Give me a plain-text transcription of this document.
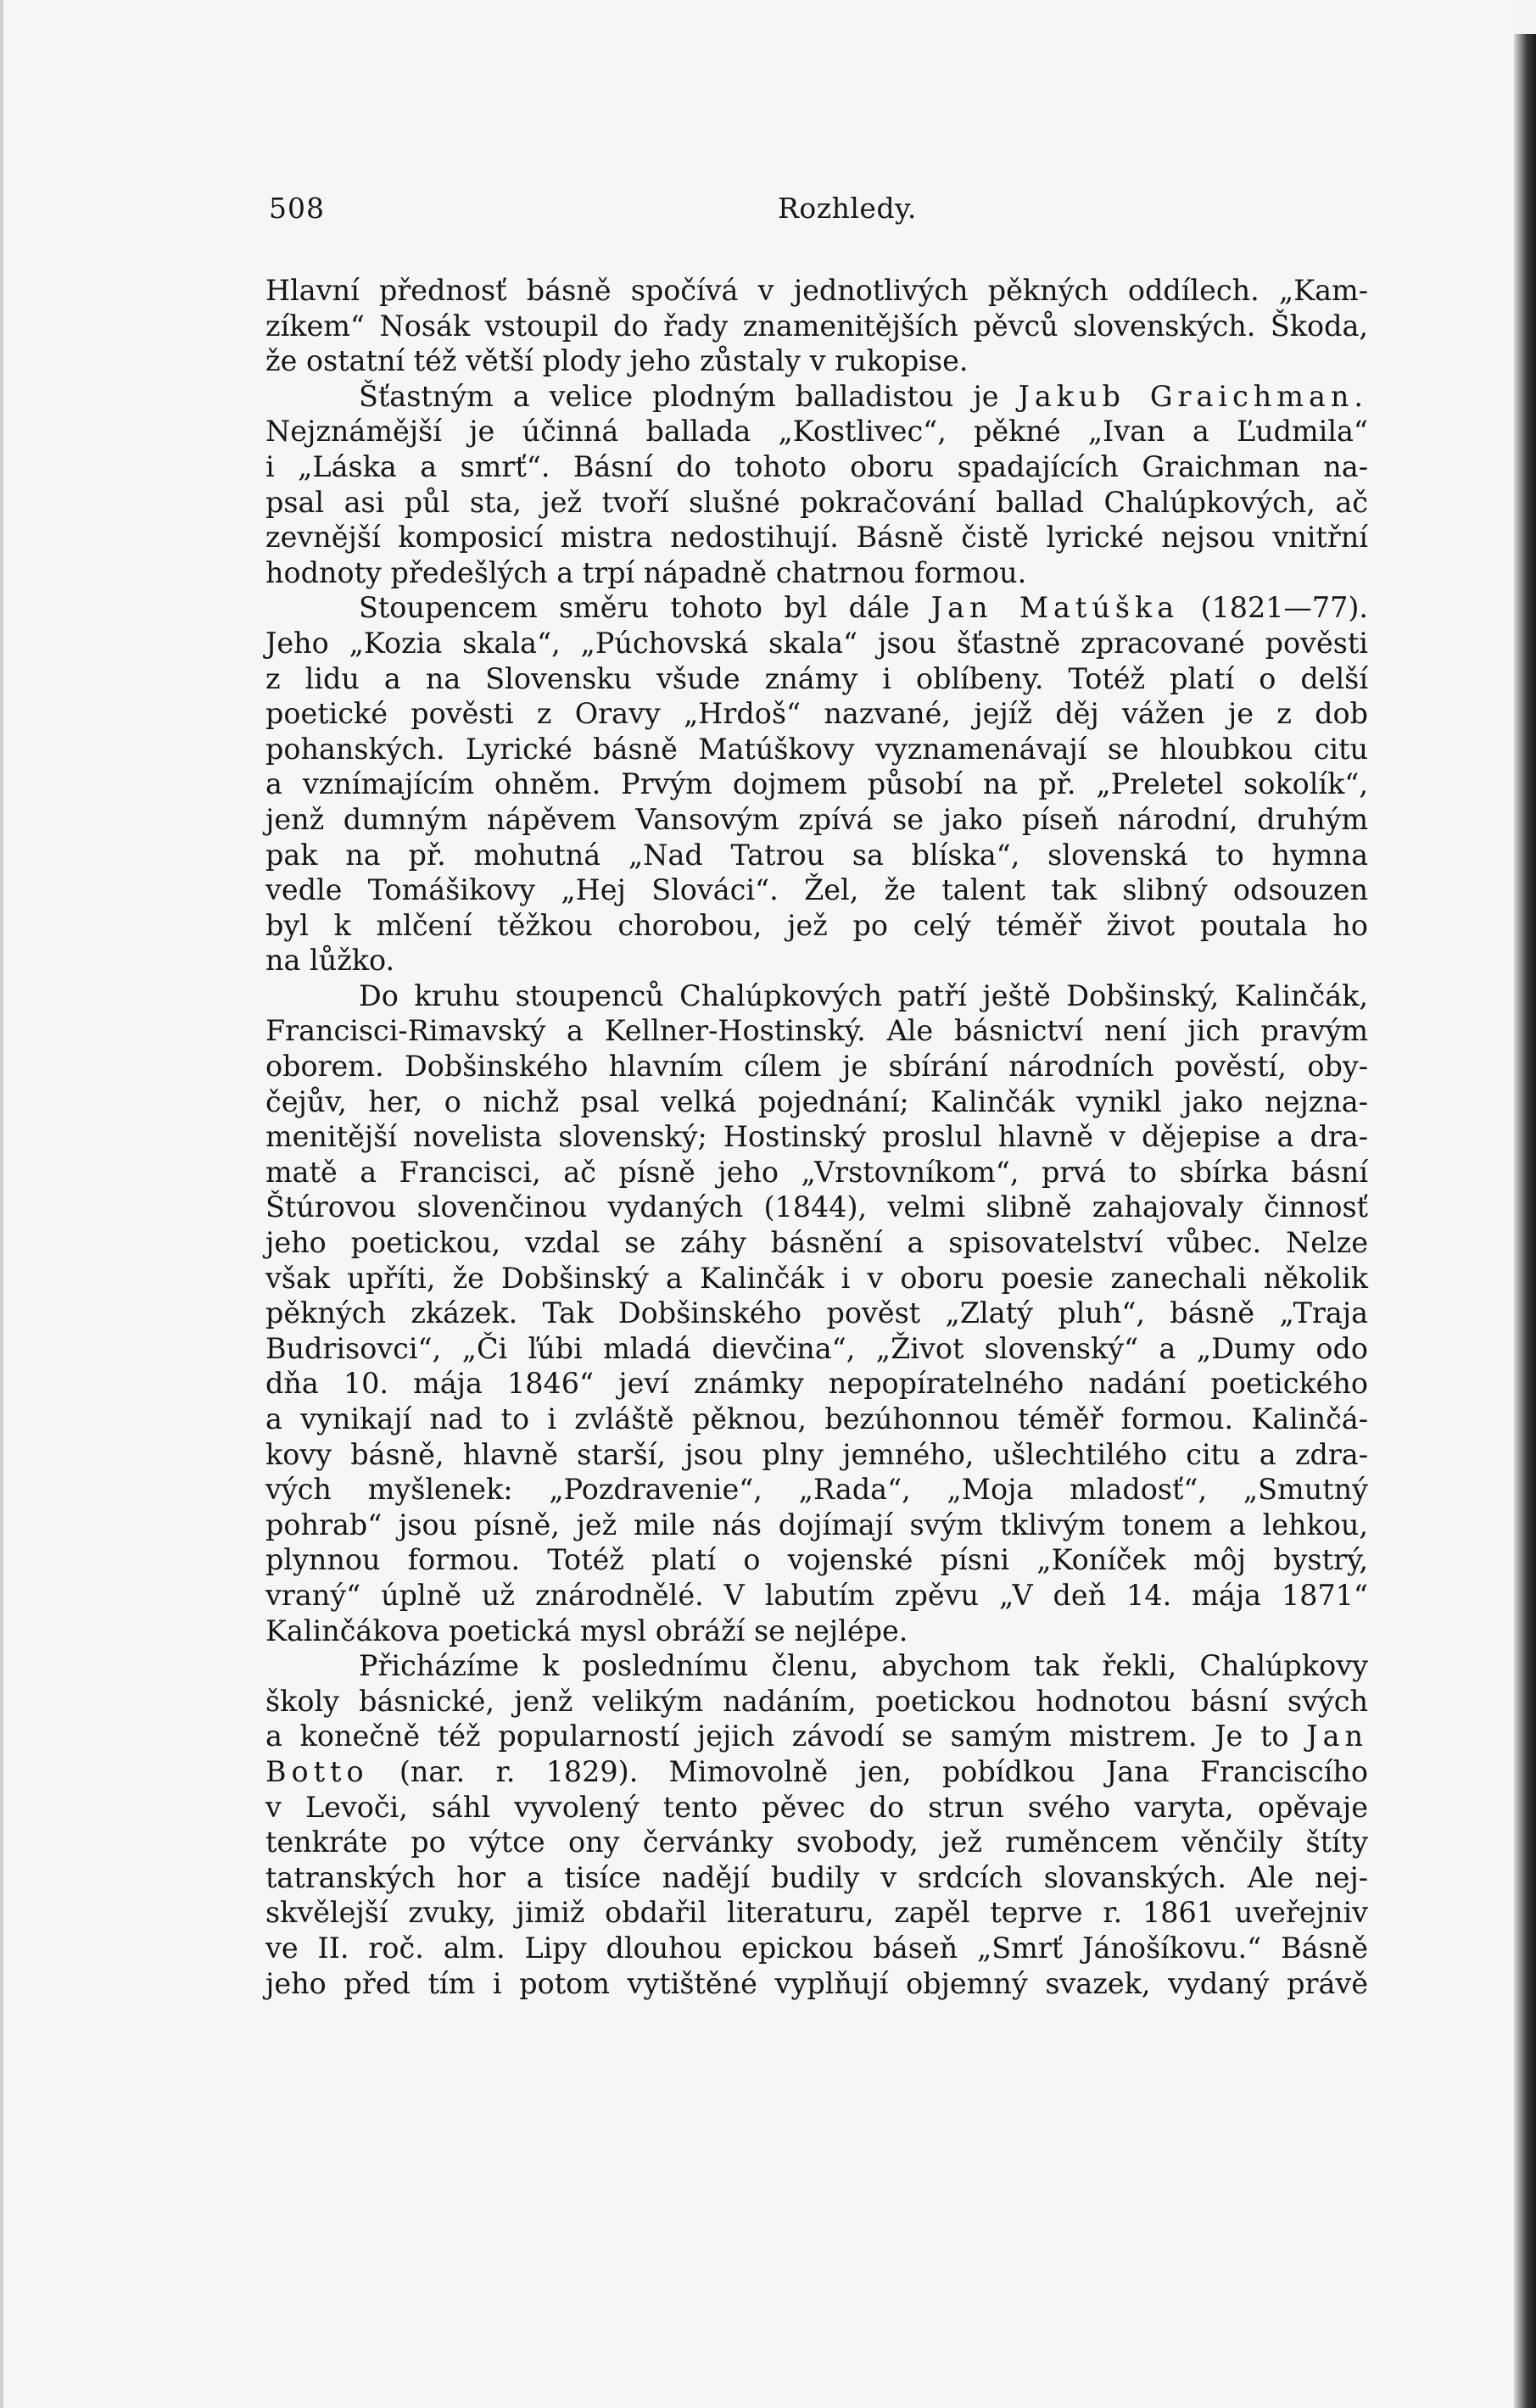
508	Rozhledy.
Hlavní přednosť básně spočívá v jednotlivých pěkných oddílech. „Kam-
zíkem“ Nosák vstoupil do řady znamenitějších pěvců slovenských. Škoda,
že ostatní též větší plody jeho zůstaly v rukopise.
Šťastným a velice plodným balladistou je Jakub Graichman.
Nejznámější je účinná ballada „Kostlivec“, pěkné „Ivan a Ľudmila“
i „Láska a smrť“. Básní do tohoto oboru spadajících Graichman na-
psal asi půl sta, jež tvoří slušné pokračování ballad Chalúpkových, ač
zevnější komposicí mistra nedostihují. Básně čistě lyrické nejsou vnitřní
hodnoty předešlých a trpí nápadně chatrnou formou.
Stoupencem směru tohoto byl dále Jan Matúška (1821—77).
Jeho „Kozia skala“, „Púchovská skala“ jsou šťastně zpracované pověsti
z lidu a na Slovensku všude známy i oblíbeny. Totéž platí o delší
poetické pověsti z Oravy „Hrdoš“ nazvané, jejíž děj vážen je z dob
pohanských. Lyrické básně Matúškovy vyznamenávají se hloubkou citu
a vznímajícím ohněm. Prvým dojmem působí na př. „Preletel sokolík“,
jenž dumným nápěvem Vansovým zpívá se jako píseň národní, druhým
pak na př. mohutná „Nad Tatrou sa blíska“, slovenská to hymna
vedle Tomášikovy „Hej Slováci“. Žel, že talent tak slibný odsouzen
byl k mlčení těžkou chorobou, jež po celý téměř život poutala ho
na lůžko.
Do kruhu stoupenců Chalúpkových patří ještě Dobšinský, Kalinčák,
Francisci-Rimavský a Kellner-Hostinský. Ale básnictví není jich pravým
oborem. Dobšinského hlavním cílem je sbírání národních pověstí, oby-
čejův, her, o nichž psal velká pojednání; Kalinčák vynikl jako nejzna-
menitější novelista slovenský; Hostinský proslul hlavně v dějepise a dra-
matě a Francisci, ač písně jeho „Vrstovníkom“, prvá to sbírka básní
Štúrovou slovenčinou vydaných (1844), velmi slibně zahajovaly činnosť
jeho poetickou, vzdal se záhy básnění a spisovatelství vůbec. Nelze
však upříti, že Dobšinský a Kalinčák i v oboru poesie zanechali několik
pěkných zkázek. Tak Dobšinského pověst „Zlatý pluh“, básně „Traja
Budrisovci“, „Či ľúbi mladá dievčina“, „Život slovenský“ a „Dumy odo
dňa 10. mája 1846“ jeví známky nepopíratelného nadání poetického
a vynikají nad to i zvláště pěknou, bezúhonnou téměř formou. Kalinčá-
kovy básně, hlavně starší, jsou plny jemného, ušlechtilého citu a zdra-
vých myšlenek: „Pozdravenie“, „Rada“, „Moja mladosť“, „Smutný
pohrab“ jsou písně, jež mile nás dojímají svým tklivým tonem a lehkou,
plynnou formou. Totéž platí o vojenské písni „Koníček môj bystrý,
vraný“ úplně už znárodnělé. V labutím zpěvu „V deň 14. mája 1871“
Kalinčákova poetická mysl obráží se nejlépe.
Přicházíme k poslednímu členu, abychom tak řekli, Chalúpkovy
školy básnické, jenž velikým nadáním, poetickou hodnotou básní svých
a konečně též popularností jejich závodí se samým mistrem. Je to Jan
Botto (nar. r. 1829). Mimovolně jen, pobídkou Jana Franciscího
v Levoči, sáhl vyvolený tento pěvec do strun svého varyta, opěvaje
tenkráte po výtce ony červánky svobody, jež ruměncem věnčily štíty
tatranských hor a tisíce nadějí budily v srdcích slovanských. Ale nej-
skvělejší zvuky, jimiž obdařil literaturu, zapěl teprve r. 1861 uveřejniv
ve II. roč. alm. Lipy dlouhou epickou báseň „Smrť Jánošíkovu.“ Básně
jeho před tím i potom vytištěné vyplňují objemný svazek, vydaný právě
